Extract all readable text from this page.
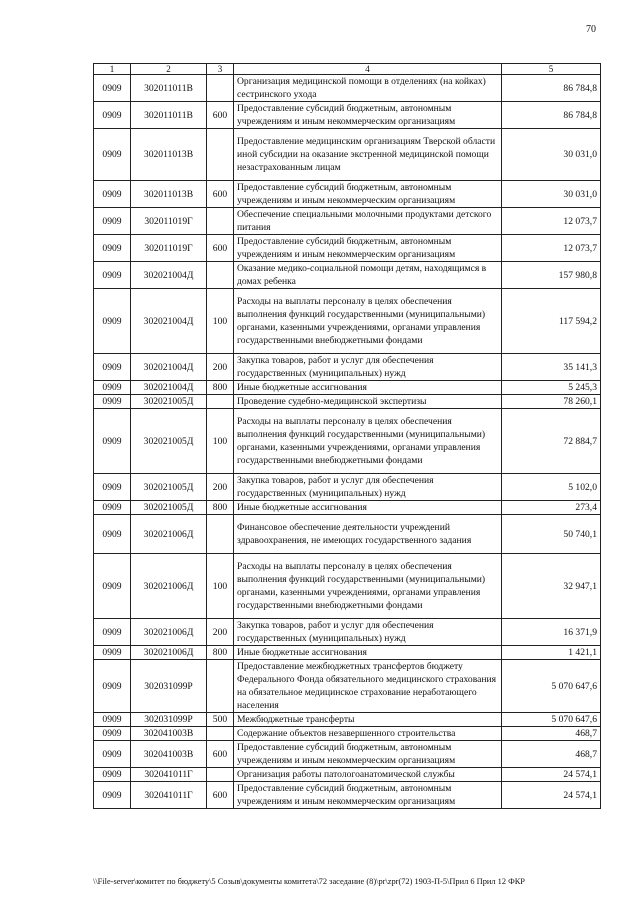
70
1	2	3	4	5
0909	302011011В		Организация медицинской помощи в отделениях (на койках) сестринского ухода	86 784,8
0909	302011011В	600	Предоставление субсидий бюджетным, автономным учреждениям и иным некоммерческим организациям	86 784,8
0909	302011013В		Предоставление медицинским организациям Тверской области иной субсидии на оказание экстренной медицинской помощи незастрахованным лицам	30 031,0
0909	302011013В	600	Предоставление субсидий бюджетным, автономным учреждениям и иным некоммерческим организациям	30 031,0
0909	302011019Г		Обеспечение специальными молочными продуктами детского питания	12 073,7
0909	302011019Г	600	Предоставление субсидий бюджетным, автономным учреждениям и иным некоммерческим организациям	12 073,7
0909	302021004Д		Оказание медико-социальной помощи детям, находящимся в домах ребенка	157 980,8
0909	302021004Д	100	Расходы на выплаты персоналу в целях обеспечения выполнения функций государственными (муниципальными) органами, казенными учреждениями, органами управления государственными внебюджетными фондами	117 594,2
0909	302021004Д	200	Закупка товаров, работ и услуг для обеспечения государственных (муниципальных) нужд	35 141,3
0909	302021004Д	800	Иные бюджетные ассигнования	5 245,3
0909	302021005Д		Проведение судебно-медицинской экспертизы	78 260,1
0909	302021005Д	100	Расходы на выплаты персоналу в целях обеспечения выполнения функций государственными (муниципальными) органами, казенными учреждениями, органами управления государственными внебюджетными фондами	72 884,7
0909	302021005Д	200	Закупка товаров, работ и услуг для обеспечения государственных (муниципальных) нужд	5 102,0
0909	302021005Д	800	Иные бюджетные ассигнования	273,4
0909	302021006Д		Финансовое обеспечение деятельности учреждений здравоохранения, не имеющих государственного задания	50 740,1
0909	302021006Д	100	Расходы на выплаты персоналу в целях обеспечения выполнения функций государственными (муниципальными) органами, казенными учреждениями, органами управления государственными внебюджетными фондами	32 947,1
0909	302021006Д	200	Закупка товаров, работ и услуг для обеспечения государственных (муниципальных) нужд	16 371,9
0909	302021006Д	800	Иные бюджетные ассигнования	1 421,1
0909	302031099Р		Предоставление межбюджетных трансфертов бюджету Федерального Фонда обязательного медицинского страхования на обязательное медицинское страхование неработающего населения	5 070 647,6
0909	302031099Р	500	Межбюджетные трансферты	5 070 647,6
0909	302041003В		Содержание объектов незавершенного строительства	468,7
0909	302041003В	600	Предоставление субсидий бюджетным, автономным учреждениям и иным некоммерческим организациям	468,7
0909	302041011Г		Организация работы патологоанатомической службы	24 574,1
0909	302041011Г	600	Предоставление субсидий бюджетным, автономным учреждениям и иным некоммерческим организациям	24 574,1
\\File-server\комитет по бюджету\5 Созыв\документы комитета\72 заседание (8)\pr\zpr(72) 1903-П-5\Прил 6 Прил 12 ФКР
